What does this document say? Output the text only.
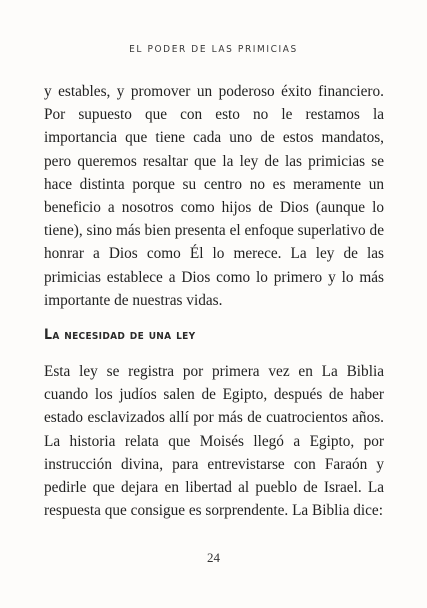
EL PODER DE LAS PRIMICIAS

y estables, y promover un poderoso éxito financiero. Por supuesto que con esto no le restamos la importancia que tiene cada uno de estos mandatos, pero queremos resaltar que la ley de las primicias se hace distinta porque su centro no es meramente un beneficio a nosotros como hijos de Dios (aunque lo tiene), sino más bien presenta el enfoque superlativo de honrar a Dios como Él lo merece. La ley de las primicias establece a Dios como lo primero y lo más importante de nuestras vidas.

La necesidad de una ley

Esta ley se registra por primera vez en La Biblia cuando los judíos salen de Egipto, después de haber estado esclavizados allí por más de cuatrocientos años. La historia relata que Moisés llegó a Egipto, por instrucción divina, para entrevistarse con Faraón y pedirle que dejara en libertad al pueblo de Israel. La respuesta que consigue es sorprendente. La Biblia dice:

24
